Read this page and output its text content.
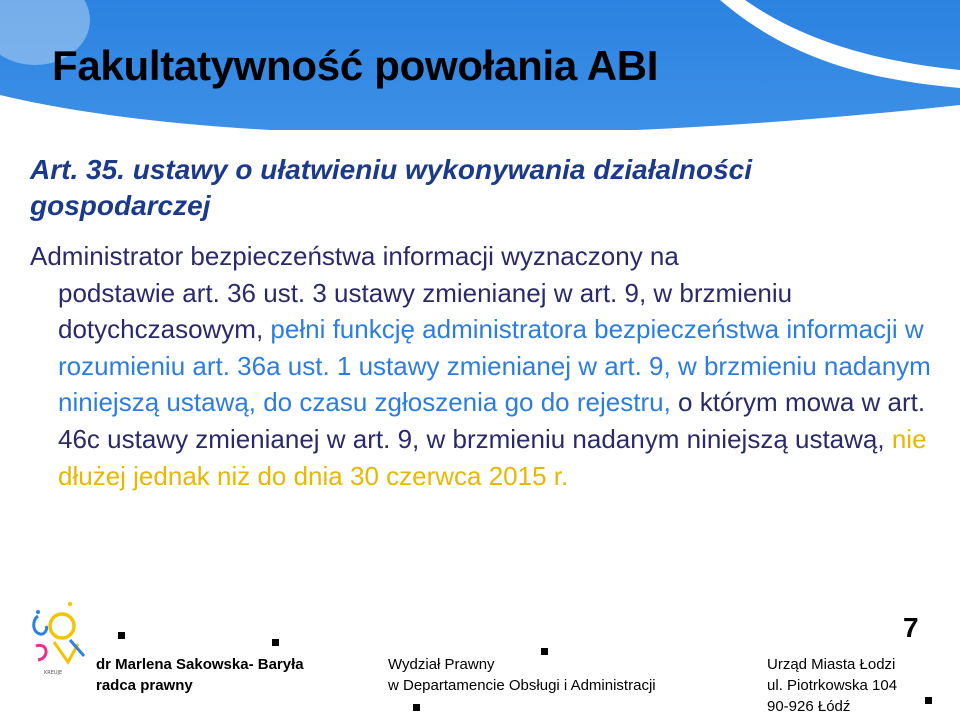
Fakultatywność powołania ABI
Art. 35. ustawy o ułatwieniu wykonywania działalności gospodarczej
Administrator bezpieczeństwa informacji wyznaczony na
podstawie art. 36 ust. 3 ustawy zmienianej w art. 9, w brzmieniu dotychczasowym, pełni funkcję administratora bezpieczeństwa informacji w rozumieniu art. 36a ust. 1 ustawy zmienianej w art. 9, w brzmieniu nadanym niniejszą ustawą, do czasu zgłoszenia go do rejestru, o którym mowa w art. 46c ustawy zmienianej w art. 9, w brzmieniu nadanym niniejszą ustawą, nie dłużej jednak niż do dnia 30 czerwca 2015 r.
KREUJE dr Marlena Sakowska- Baryła
radca prawny
Wydział Prawny
w Departamencie Obsługi i Administracji
Urząd Miasta Łodzi
ul. Piotrkowska 104
90-926 Łódź
7
